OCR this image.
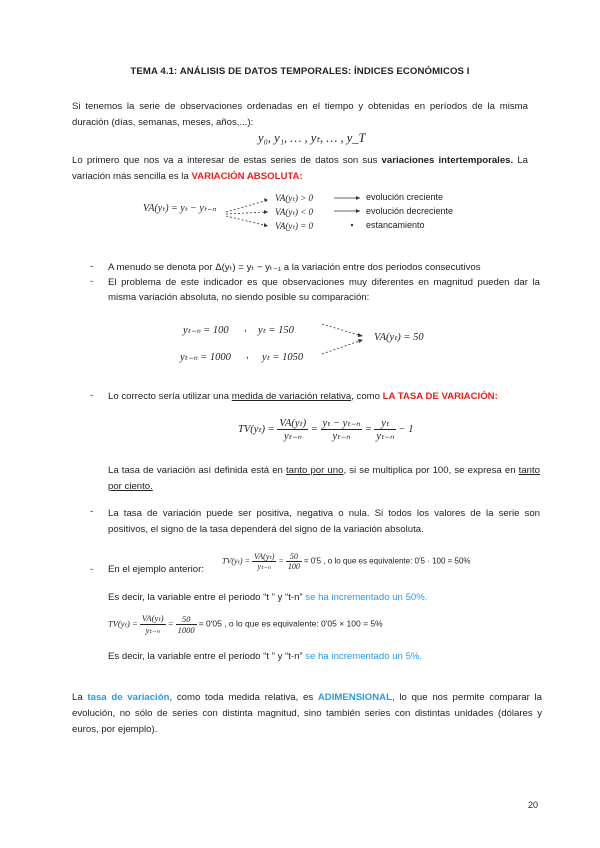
TEMA 4.1: ANÁLISIS DE DATOS TEMPORALES: ÍNDICES ECONÓMICOS I
Si tenemos la serie de observaciones ordenadas en el tiempo y obtenidas en períodos de la misma duración (días, semanas, meses, años,...):
y₀, y₁, … , yₜ, … , y_T
Lo primero que nos va a interesar de estas series de datos son sus variaciones intertemporales. La variación más sencilla es la VARIACIÓN ABSOLUTA:
VA(yₜ) = yₜ − yₜ₋ₙ
VA(yₜ) > 0
VA(yₜ) < 0
VA(yₜ) = 0
evolución creciente
evolución decreciente
estancamiento
- A menudo se denota por Δ(yₜ) = yₜ − yₜ₋₁ a la variación entre dos periodos consecutivos
- El problema de este indicador es que observaciones muy diferentes en magnitud pueden dar la misma variación absoluta, no siendo posible su comparación:
yₜ₋ₙ = 100 , yₜ = 150
yₜ₋ₙ = 1000 , yₜ = 1050
VA(yₜ) = 50
- Lo correcto sería utilizar una medida de variación relativa, como LA TASA DE VARIACIÓN:
$TV(y_t) = \frac{\text{VA(yₜ)}}{\text{yₜ₋ₙ}} = \frac{\text{yₜ − yₜ₋ₙ}}{\text{yₜ₋ₙ}} = \frac{\text{yₜ}}{\text{yₜ₋ₙ}} - 1$
La tasa de variación así definida está en tanto por uno, si se multiplica por 100, se expresa en tanto por ciento.
- La tasa de variación puede ser positiva, negativa o nula. Si todos los valores de la serie son positivos, el signo de la tasa dependerá del signo de la variación absoluta.
- En el ejemplo anterior:
$TV(y_t) = \frac{\text{VA(yₜ)}}{\text{yₜ₋ₙ}} = \frac{50}{100} = 0'5$ , o lo que es equivalente: 0'5 · 100 = 50%
Es decir, la variable entre el periodo “t ” y “t-n” se ha incrementado un 50%.
$TV(y_t) = \frac{\text{VA(yₜ)}}{\text{yₜ₋ₙ}} = \frac{50}{1000} = 0'05$ , o lo que es equivalente: 0'05 × 100 = 5%
Es decir, la variable entre el periodo “t ” y “t-n” se ha incrementado un 5%.
La tasa de variación, como toda medida relativa, es ADIMENSIONAL, lo que nos permite comparar la evolución, no sólo de series con distinta magnitud, sino también series con distintas unidades (dólares y euros, por ejemplo).
20
